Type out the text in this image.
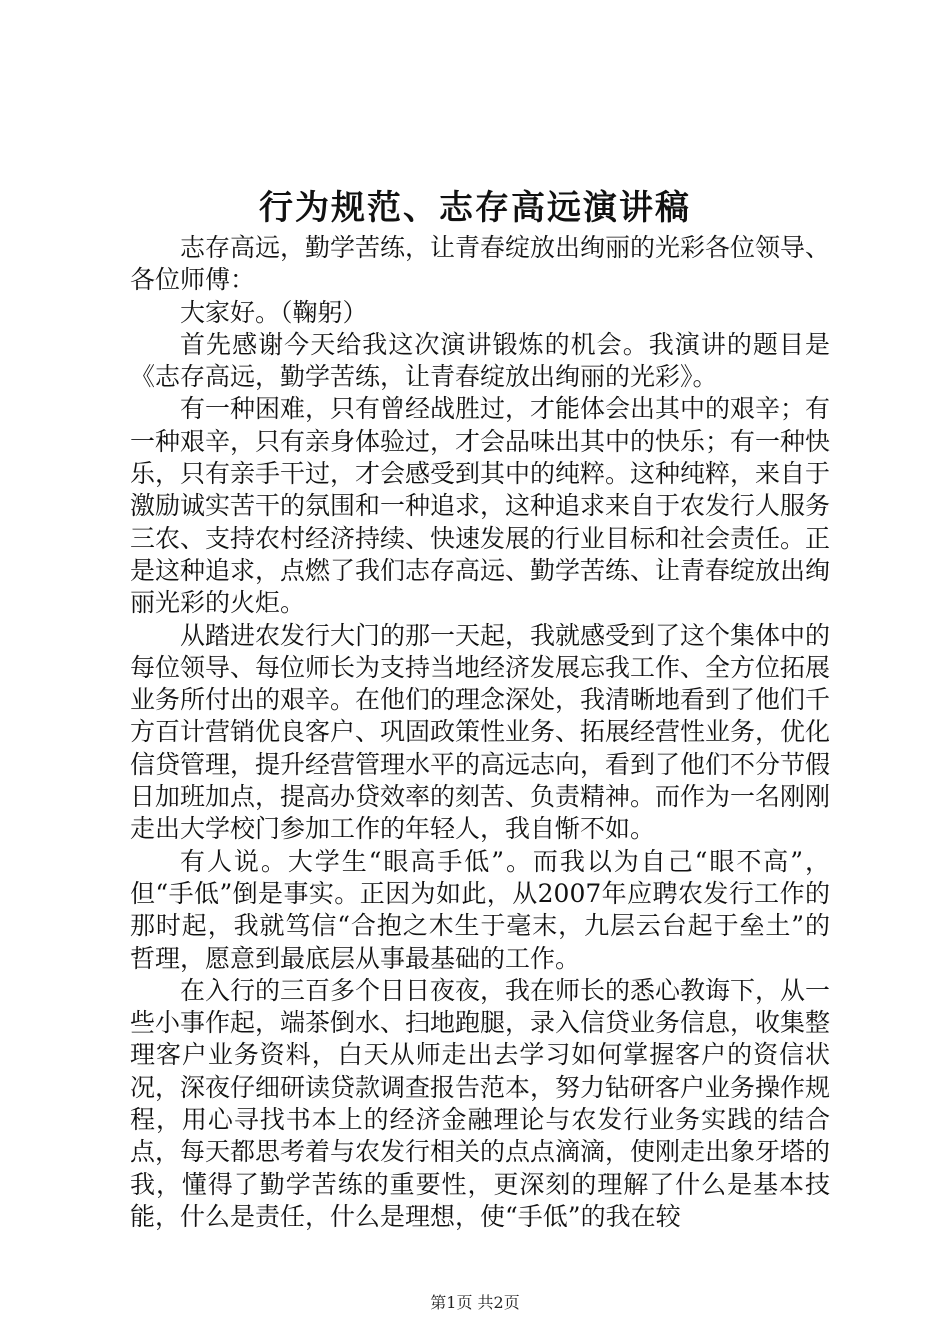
行为规范、志存高远演讲稿

志存高远，勤学苦练，让青春绽放出绚丽的光彩各位领导、各位师傅：

大家好。（鞠躬）

首先感谢今天给我这次演讲锻炼的机会。我演讲的题目是《志存高远，勤学苦练，让青春绽放出绚丽的光彩》。

有一种困难，只有曾经战胜过，才能体会出其中的艰辛；有一种艰辛，只有亲身体验过，才会品味出其中的快乐；有一种快乐，只有亲手干过，才会感受到其中的纯粹。这种纯粹，来自于激励诚实苦干的氛围和一种追求，这种追求来自于农发行人服务三农、支持农村经济持续、快速发展的行业目标和社会责任。正是这种追求，点燃了我们志存高远、勤学苦练、让青春绽放出绚丽光彩的火炬。

从踏进农发行大门的那一天起，我就感受到了这个集体中的每位领导、每位师长为支持当地经济发展忘我工作、全方位拓展业务所付出的艰辛。在他们的理念深处，我清晰地看到了他们千方百计营销优良客户、巩固政策性业务、拓展经营性业务，优化信贷管理，提升经营管理水平的高远志向，看到了他们不分节假日加班加点，提高办贷效率的刻苦、负责精神。而作为一名刚刚走出大学校门参加工作的年轻人，我自惭不如。

有人说。大学生“眼高手低”。而我以为自己“眼不高”，但“手低”倒是事实。正因为如此，从2007年应聘农发行工作的那时起，我就笃信“合抱之木生于毫末，九层云台起于垒土”的哲理，愿意到最底层从事最基础的工作。

在入行的三百多个日日夜夜，我在师长的悉心教诲下，从一些小事作起，端茶倒水、扫地跑腿，录入信贷业务信息，收集整理客户业务资料，白天从师走出去学习如何掌握客户的资信状况，深夜仔细研读贷款调查报告范本，努力钻研客户业务操作规程，用心寻找书本上的经济金融理论与农发行业务实践的结合点，每天都思考着与农发行相关的点点滴滴，使刚走出象牙塔的我，懂得了勤学苦练的重要性，更深刻的理解了什么是基本技能，什么是责任，什么是理想，使“手低”的我在较

第1页 共2页
